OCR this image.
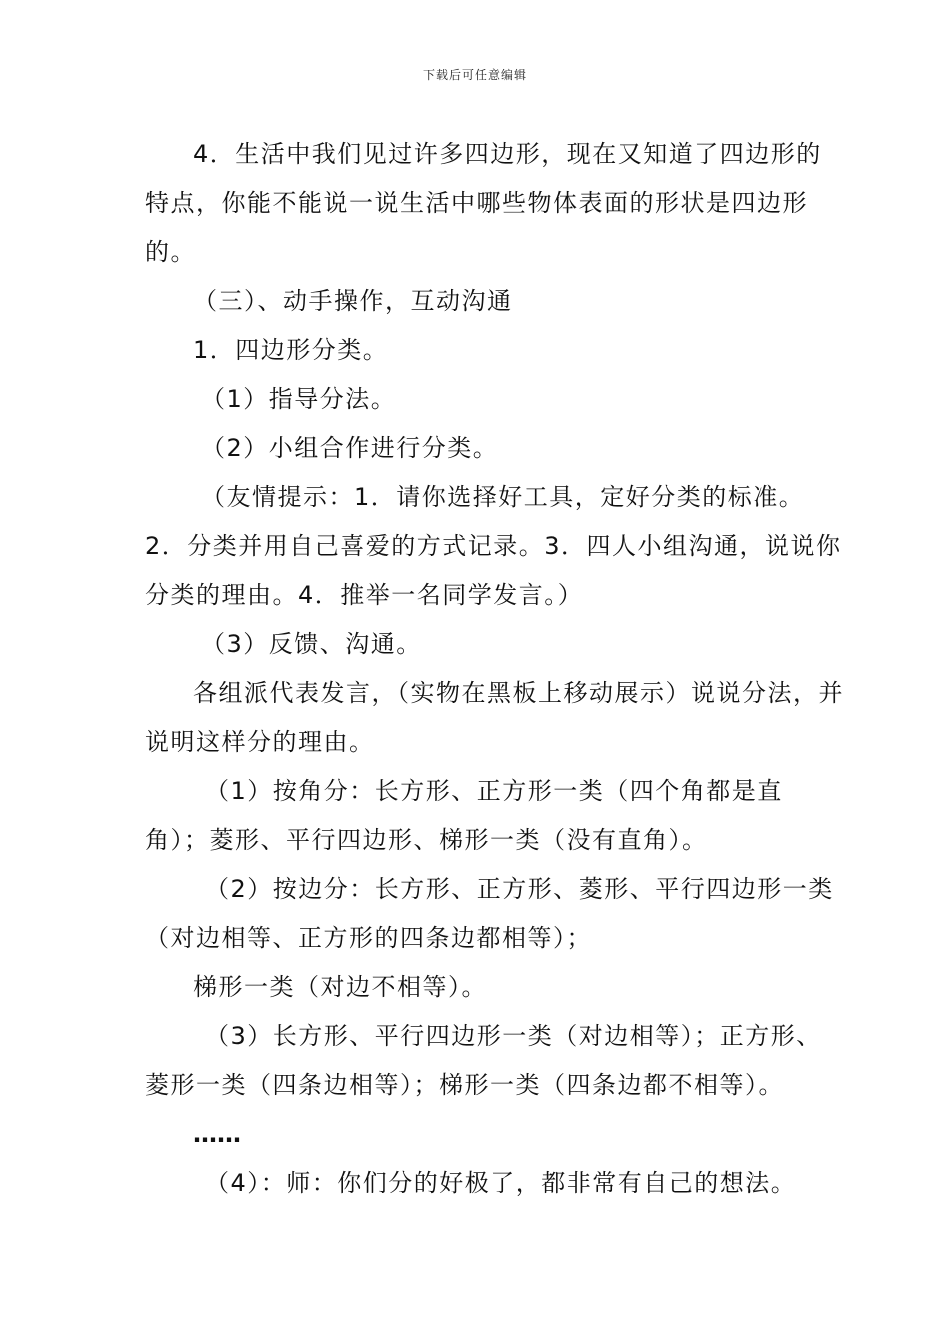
下载后可任意编辑

4．生活中我们见过许多四边形，现在又知道了四边形的特点，你能不能说一说生活中哪些物体表面的形状是四边形的。

（三）、动手操作，互动沟通

1．四边形分类。

（1）指导分法。

（2）小组合作进行分类。

（友情提示：1．请你选择好工具，定好分类的标准。2．分类并用自己喜爱的方式记录。3．四人小组沟通，说说你分类的理由。4．推举一名同学发言。）

（3）反馈、沟通。

各组派代表发言，（实物在黑板上移动展示）说说分法，并说明这样分的理由。

（1）按角分：长方形、正方形一类（四个角都是直角）；菱形、平行四边形、梯形一类（没有直角）。

（2）按边分：长方形、正方形、菱形、平行四边形一类（对边相等、正方形的四条边都相等）；

梯形一类（对边不相等）。

（3）长方形、平行四边形一类（对边相等）；正方形、菱形一类（四条边相等）；梯形一类（四条边都不相等）。

……

（4）：师：你们分的好极了，都非常有自己的想法。
